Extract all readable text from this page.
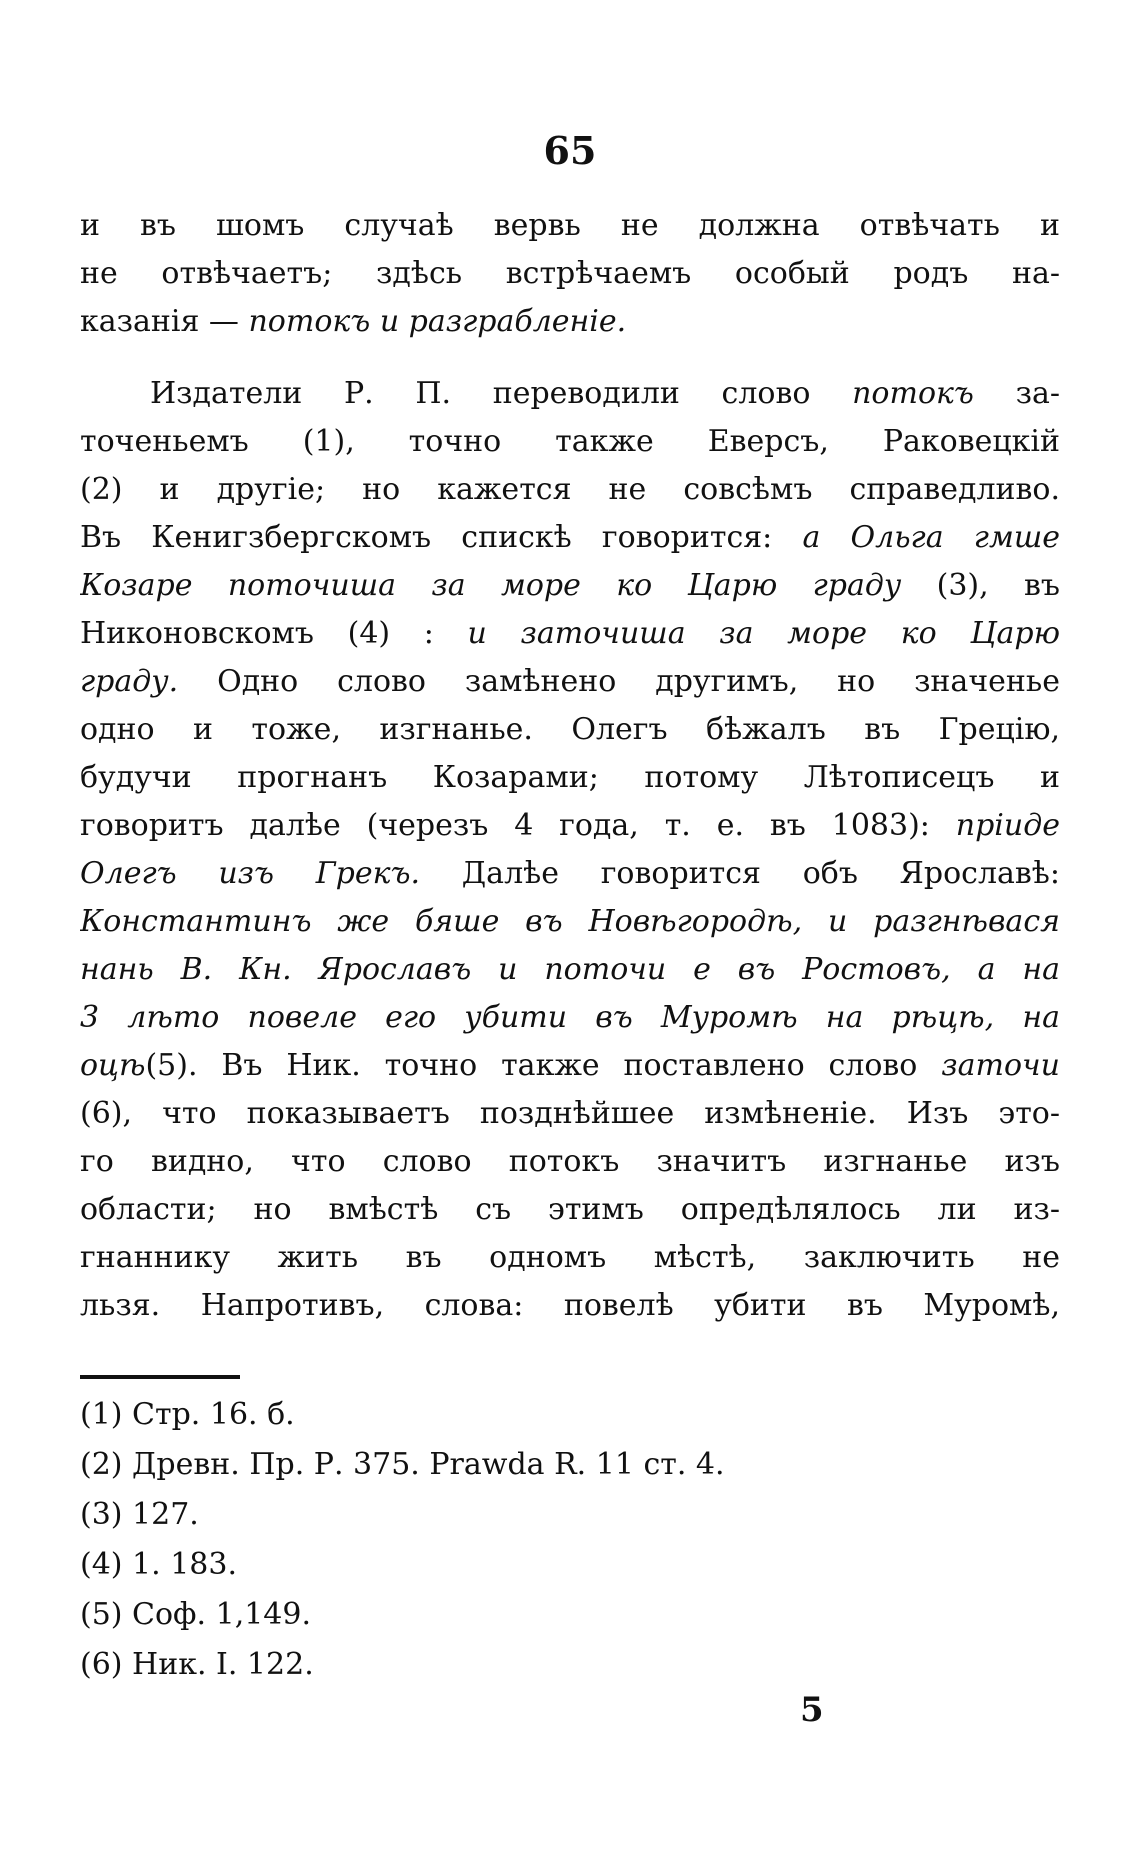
65
и въ шомъ случаѣ вервь не должна отвѣчать и
не отвѣчаетъ; здѣсь встрѣчаемъ особый родъ на-
казанія — потокъ и разграбленіе.
Издатели Р. П. переводили слово потокъ за-
точеньемъ (1), точно также Еверсъ, Раковецкій
(2) и другіе; но кажется не совсѣмъ справедливо.
Въ Кенигзбергскомъ спискѣ говорится: а Ольга гмше
Козаре поточиша за море ко Царю граду (3), въ
Никоновскомъ (4) : и заточиша за море ко Царю
граду. Одно слово замѣнено другимъ, но значенье
одно и тоже, изгнанье. Олегъ бѣжалъ въ Грецію,
будучи прогнанъ Козарами; потому Лѣтописецъ и
говоритъ далѣе (черезъ 4 года, т. е. въ 1083): пріиде
Олегъ изъ Грекъ. Далѣе говорится объ Ярославѣ:
Константинъ же бяше въ Новѣгородѣ, и разгнѣвася
нань В. Кн. Ярославъ и поточи е въ Ростовъ, а на
3 лѣто повеле его убити въ Муромѣ на рѣцѣ, на
оцѣ(5). Въ Ник. точно также поставлено слово заточи
(6), что показываетъ позднѣйшее измѣненіе. Изъ это-
го видно, что слово потокъ значитъ изгнанье изъ
области; но вмѣстѣ съ этимъ опредѣлялось ли из-
гнаннику жить въ одномъ мѣстѣ, заключить не
льзя. Напротивъ, слова: повелѣ убити въ Муромѣ,
(1) Стр. 16. б.
(2) Древн. Пр. Р. 375. Prawda R. 11 ст. 4.
(3) 127.
(4) 1. 183.
(5) Соф. 1,149.
(6) Ник. I. 122.
5
